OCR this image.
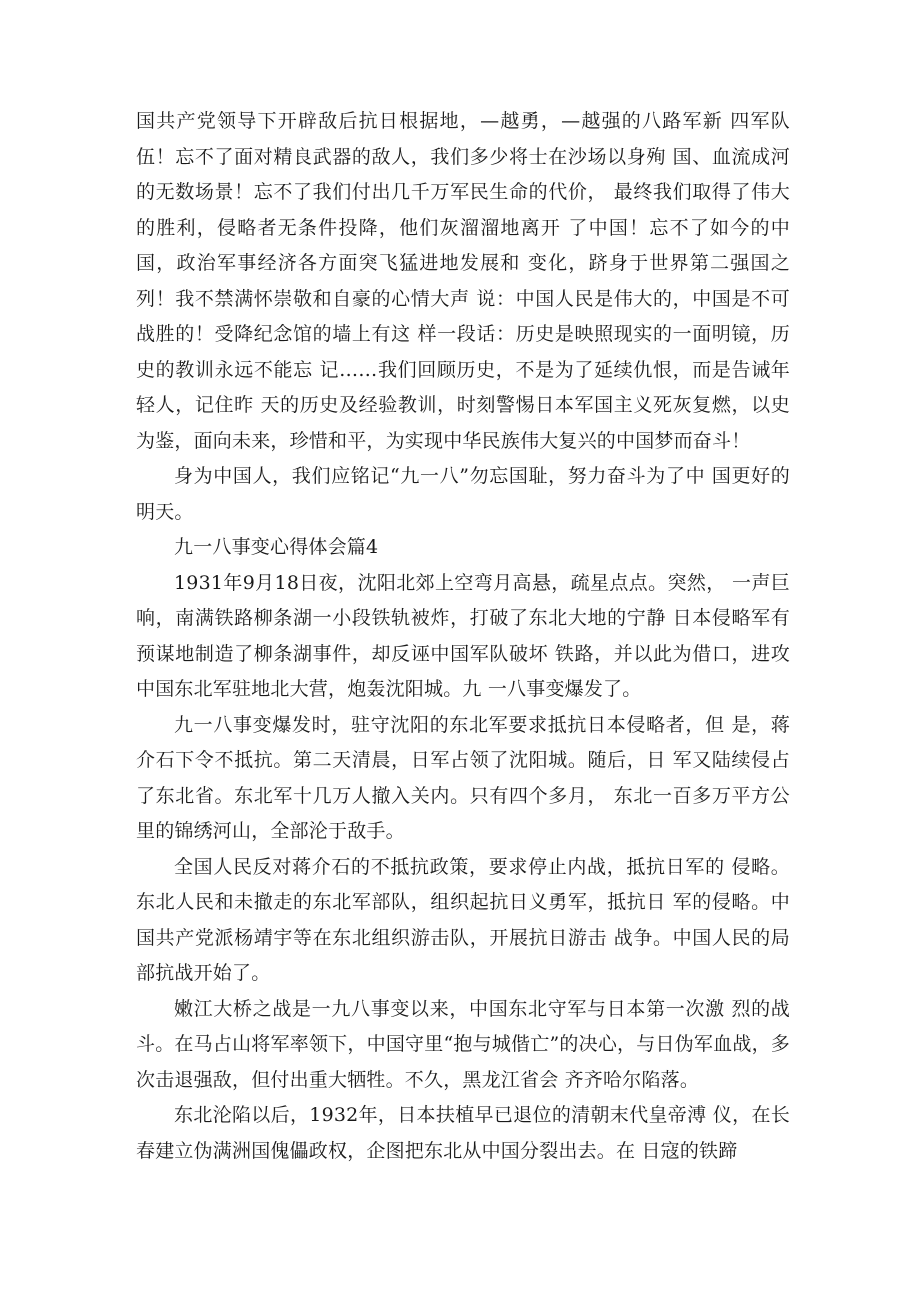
国共产党领导下开辟敌后抗日根据地，—越勇，—越强的八路军新 四军队伍！忘不了面对精良武器的敌人，我们多少将士在沙场以身殉 国、血流成河的无数场景！忘不了我们付出几千万军民生命的代价， 最终我们取得了伟大的胜利，侵略者无条件投降，他们灰溜溜地离开 了中国！忘不了如今的中国，政治军事经济各方面突飞猛进地发展和 变化，跻身于世界第二强国之列！我不禁满怀崇敬和自豪的心情大声 说：中国人民是伟大的，中国是不可战胜的！受降纪念馆的墙上有这 样一段话：历史是映照现实的一面明镜，历史的教训永远不能忘 记……我们回顾历史，不是为了延续仇恨，而是告诫年轻人，记住昨 天的历史及经验教训，时刻警惕日本军国主义死灰复燃，以史为鉴，面向未来，珍惜和平，为实现中华民族伟大复兴的中国梦而奋斗！

身为中国人，我们应铭记“九一八”勿忘国耻，努力奋斗为了中 国更好的明天。

九一八事变心得体会篇4

1931年9月18日夜，沈阳北郊上空弯月高悬，疏星点点。突然， 一声巨响，南满铁路柳条湖一小段铁轨被炸，打破了东北大地的宁静 日本侵略军有预谋地制造了柳条湖事件，却反诬中国军队破坏 铁路，并以此为借口，进攻中国东北军驻地北大营，炮轰沈阳城。九 一八事变爆发了。

九一八事变爆发时，驻守沈阳的东北军要求抵抗日本侵略者，但 是，蒋介石下令不抵抗。第二天清晨，日军占领了沈阳城。随后，日 军又陆续侵占了东北省。东北军十几万人撤入关内。只有四个多月， 东北一百多万平方公里的锦绣河山，全部沦于敌手。

全国人民反对蒋介石的不抵抗政策，要求停止内战，抵抗日军的 侵略。东北人民和未撤走的东北军部队，组织起抗日义勇军，抵抗日 军的侵略。中国共产党派杨靖宇等在东北组织游击队，开展抗日游击 战争。中国人民的局部抗战开始了。

嫩江大桥之战是一九八事变以来，中国东北守军与日本第一次激 烈的战斗。在马占山将军率领下，中国守里“抱与城偕亡”的决心，与日伪军血战，多次击退强敌，但付出重大牺牲。不久，黑龙江省会 齐齐哈尔陷落。

东北沦陷以后，1932年，日本扶植早已退位的清朝末代皇帝溥 仪，在长春建立伪满洲国傀儡政权，企图把东北从中国分裂出去。在 日寇的铁蹄
